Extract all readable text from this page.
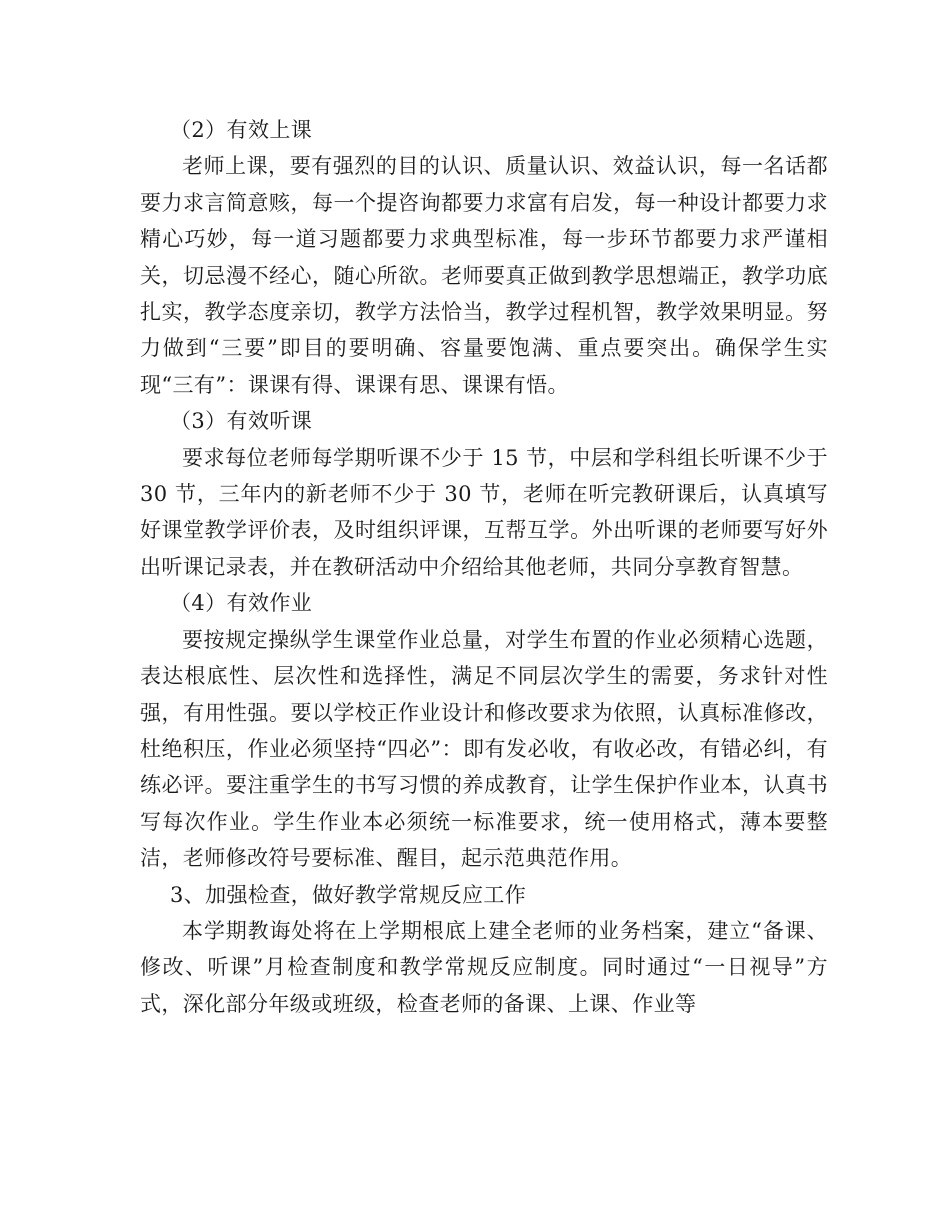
（2）有效上课

老师上课，要有强烈的目的认识、质量认识、效益认识，每一名话都要力求言简意赅，每一个提咨询都要力求富有启发，每一种设计都要力求精心巧妙，每一道习题都要力求典型标准，每一步环节都要力求严谨相关，切忌漫不经心，随心所欲。老师要真正做到教学思想端正，教学功底扎实，教学态度亲切，教学方法恰当，教学过程机智，教学效果明显。努力做到“三要”即目的要明确、容量要饱满、重点要突出。确保学生实现“三有”：课课有得、课课有思、课课有悟。

（3）有效听课

要求每位老师每学期听课不少于 15 节，中层和学科组长听课不少于 30 节，三年内的新老师不少于 30 节，老师在听完教研课后，认真填写好课堂教学评价表，及时组织评课，互帮互学。外出听课的老师要写好外出听课记录表，并在教研活动中介绍给其他老师，共同分享教育智慧。

（4）有效作业

要按规定操纵学生课堂作业总量，对学生布置的作业必须精心选题，表达根底性、层次性和选择性，满足不同层次学生的需要，务求针对性强，有用性强。要以学校正作业设计和修改要求为依照，认真标准修改，杜绝积压，作业必须坚持“四必”：即有发必收，有收必改，有错必纠，有练必评。要注重学生的书写习惯的养成教育，让学生保护作业本，认真书写每次作业。学生作业本必须统一标准要求，统一使用格式，薄本要整洁，老师修改符号要标准、醒目，起示范典范作用。

3、加强检查，做好教学常规反应工作

本学期教诲处将在上学期根底上建全老师的业务档案，建立“备课、修改、听课”月检查制度和教学常规反应制度。同时通过“一日视导”方式，深化部分年级或班级，检查老师的备课、上课、作业等
